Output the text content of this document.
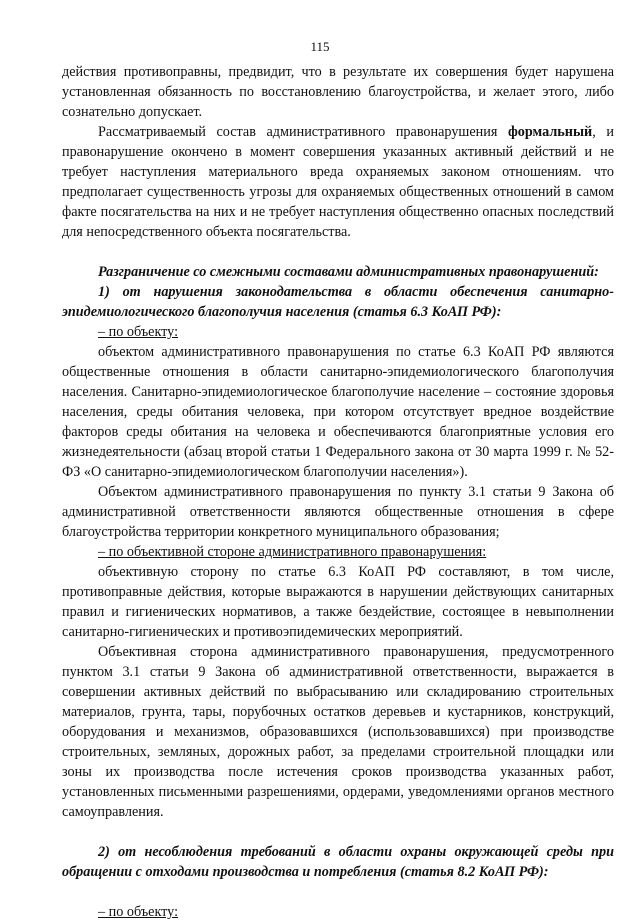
115

действия противоправны, предвидит, что в результате их совершения будет нарушена установленная обязанность по восстановлению благоустройства, и желает этого, либо сознательно допускает.

Рассматриваемый состав административного правонарушения формальный, и правонарушение окончено в момент совершения указанных активный действий и не требует наступления материального вреда охраняемых законом отношениям. что предполагает существенность угрозы для охраняемых общественных отношений в самом факте посягательства на них и не требует наступления общественно опасных последствий для непосредственного объекта посягательства.

Разграничение со смежными составами административных правонарушений:

1) от нарушения законодательства в области обеспечения санитарно-эпидемиологического благополучия населения (статья 6.3 КоАП РФ):

– по объекту:

объектом административного правонарушения по статье 6.3 КоАП РФ являются общественные отношения в области санитарно-эпидемиологического благополучия населения. Санитарно-эпидемиологическое благополучие население – состояние здоровья населения, среды обитания человека, при котором отсутствует вредное воздействие факторов среды обитания на человека и обеспечиваются благоприятные условия его жизнедеятельности (абзац второй статьи 1 Федерального закона от 30 марта 1999 г. № 52-ФЗ «О санитарно-эпидемиологическом благополучии населения»).

Объектом административного правонарушения по пункту 3.1 статьи 9 Закона об административной ответственности являются общественные отношения в сфере благоустройства территории конкретного муниципального образования;

– по объективной стороне административного правонарушения:

объективную сторону по статье 6.3 КоАП РФ составляют, в том числе, противоправные действия, которые выражаются в нарушении действующих санитарных правил и гигиенических нормативов, а также бездействие, состоящее в невыполнении санитарно-гигиенических и противоэпидемических мероприятий.

Объективная сторона административного правонарушения, предусмотренного пунктом 3.1 статьи 9 Закона об административной ответственности, выражается в совершении активных действий по выбрасыванию или складированию строительных материалов, грунта, тары, порубочных остатков деревьев и кустарников, конструкций, оборудования и механизмов, образовавшихся (использовавшихся) при производстве строительных, земляных, дорожных работ, за пределами строительной площадки или зоны их производства после истечения сроков производства указанных работ, установленных письменными разрешениями, ордерами, уведомлениями органов местного самоуправления.

2) от несоблюдения требований в области охраны окружающей среды при обращении с отходами производства и потребления (статья 8.2 КоАП РФ):

– по объекту:
